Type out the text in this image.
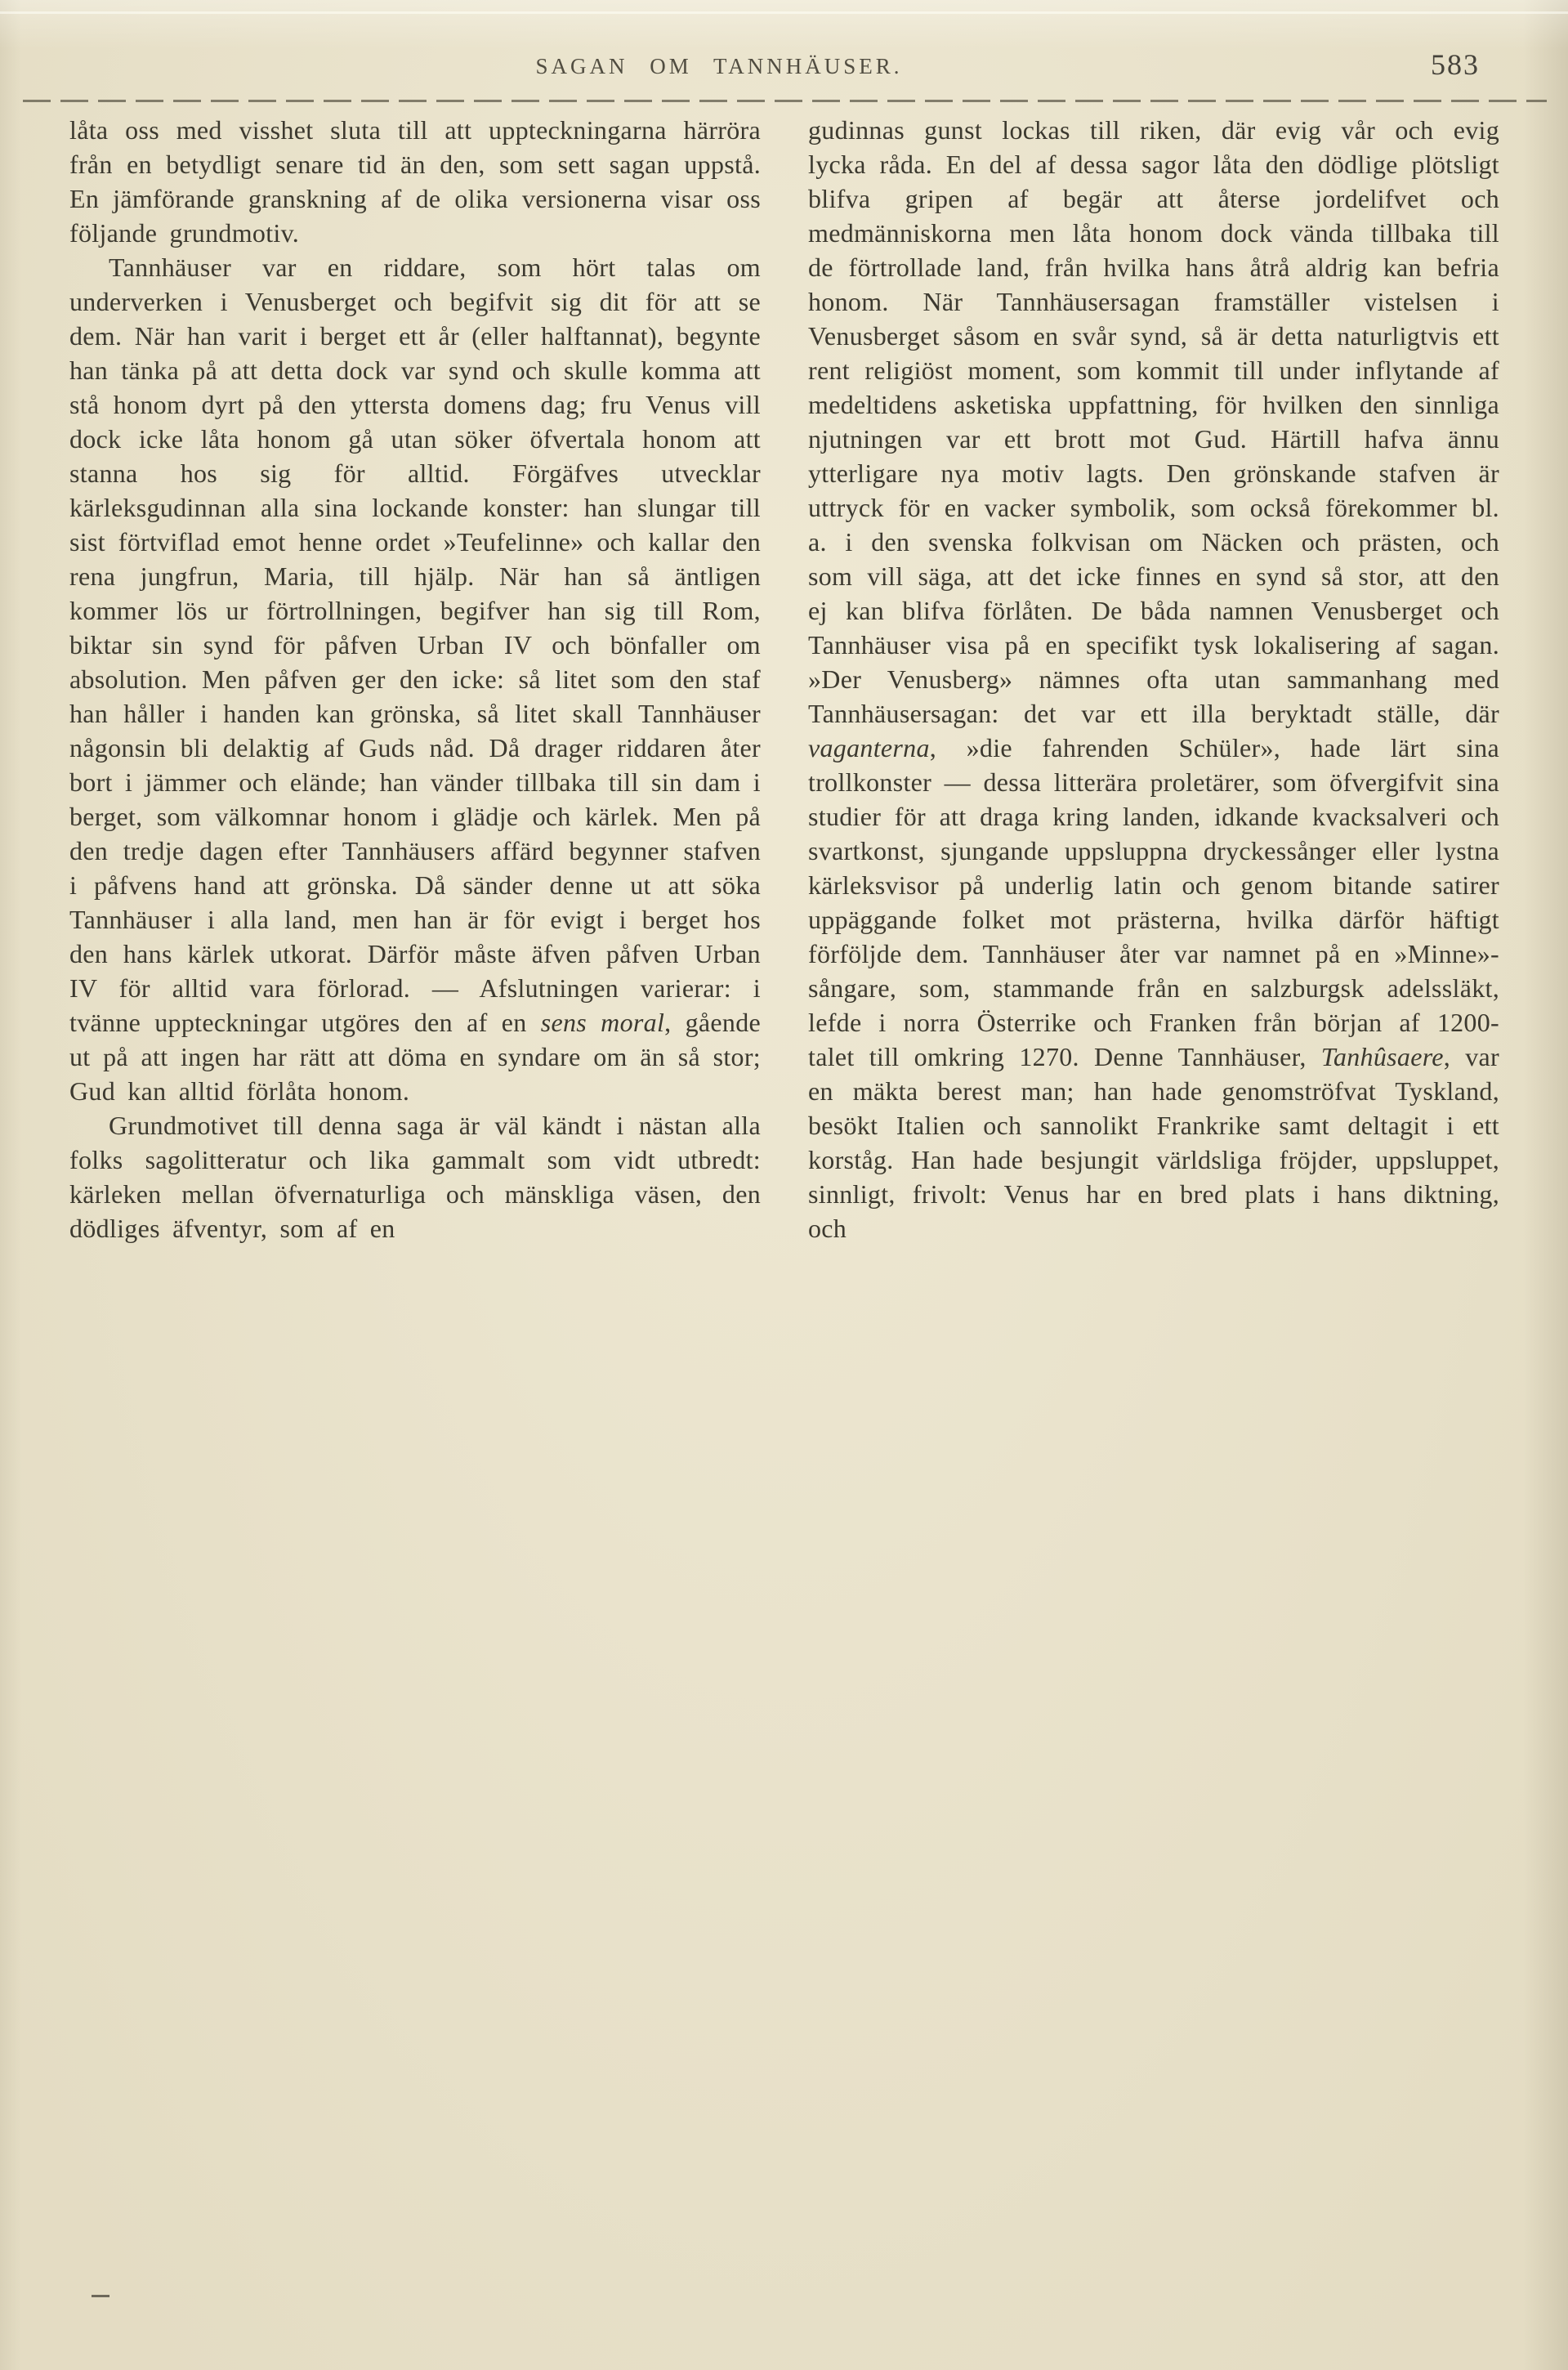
SAGAN OM TANNHÄUSER.	583

låta oss med visshet sluta till att uppteckningarna härröra från en betydligt senare tid än den, som sett sagan uppstå. En jämförande granskning af de olika versionerna visar oss följande grundmotiv.

Tannhäuser var en riddare, som hört talas om underverken i Venusberget och begifvit sig dit för att se dem. När han varit i berget ett år (eller halftannat), begynte han tänka på att detta dock var synd och skulle komma att stå honom dyrt på den yttersta domens dag; fru Venus vill dock icke låta honom gå utan söker öfvertala honom att stanna hos sig för alltid. Förgäfves utvecklar kärleksgudinnan alla sina lockande konster: han slungar till sist förtviflad emot henne ordet »Teufelinne» och kallar den rena jungfrun, Maria, till hjälp. När han så äntligen kommer lös ur förtrollningen, begifver han sig till Rom, biktar sin synd för påfven Urban IV och bönfaller om absolution. Men påfven ger den icke: så litet som den staf han håller i handen kan grönska, så litet skall Tannhäuser någonsin bli delaktig af Guds nåd. Då drager riddaren åter bort i jämmer och elände; han vänder tillbaka till sin dam i berget, som välkomnar honom i glädje och kärlek. Men på den tredje dagen efter Tannhäusers affärd begynner stafven i påfvens hand att grönska. Då sänder denne ut att söka Tannhäuser i alla land, men han är för evigt i berget hos den hans kärlek utkorat. Därför måste äfven påfven Urban IV för alltid vara förlorad. — Afslutningen varierar: i tvänne uppteckningar utgöres den af en sens moral, gående ut på att ingen har rätt att döma en syndare om än så stor; Gud kan alltid förlåta honom.

Grundmotivet till denna saga är väl kändt i nästan alla folks sagolitteratur och lika gammalt som vidt utbredt: kärleken mellan öfvernaturliga och mänskliga väsen, den dödliges äfventyr, som af en

gudinnas gunst lockas till riken, där evig vår och evig lycka råda. En del af dessa sagor låta den dödlige plötsligt blifva gripen af begär att återse jordelifvet och medmänniskorna men låta honom dock vända tillbaka till de förtrollade land, från hvilka hans åtrå aldrig kan befria honom. När Tannhäusersagan framställer vistelsen i Venusberget såsom en svår synd, så är detta naturligtvis ett rent religiöst moment, som kommit till under inflytande af medeltidens asketiska uppfattning, för hvilken den sinnliga njutningen var ett brott mot Gud. Härtill hafva ännu ytterligare nya motiv lagts. Den grönskande stafven är uttryck för en vacker symbolik, som också förekommer bl. a. i den svenska folkvisan om Näcken och prästen, och som vill säga, att det icke finnes en synd så stor, att den ej kan blifva förlåten. De båda namnen Venusberget och Tannhäuser visa på en specifikt tysk lokalisering af sagan. »Der Venusberg» nämnes ofta utan sammanhang med Tannhäusersagan: det var ett illa beryktadt ställe, där vaganterna, »die fahrenden Schüler», hade lärt sina trollkonster — dessa litterära proletärer, som öfvergifvit sina studier för att draga kring landen, idkande kvacksalveri och svartkonst, sjungande uppsluppna dryckessånger eller lystna kärleksvisor på underlig latin och genom bitande satirer uppäggande folket mot prästerna, hvilka därför häftigt förföljde dem. Tannhäuser åter var namnet på en »Minne»-sångare, som, stammande från en salzburgsk adelssläkt, lefde i norra Österrike och Franken från början af 1200-talet till omkring 1270. Denne Tannhäuser, Tanhûsaere, var en mäkta berest man; han hade genomströfvat Tyskland, besökt Italien och sannolikt Frankrike samt deltagit i ett korståg. Han hade besjungit världsliga fröjder, uppsluppet, sinnligt, frivolt: Venus har en bred plats i hans diktning, och
